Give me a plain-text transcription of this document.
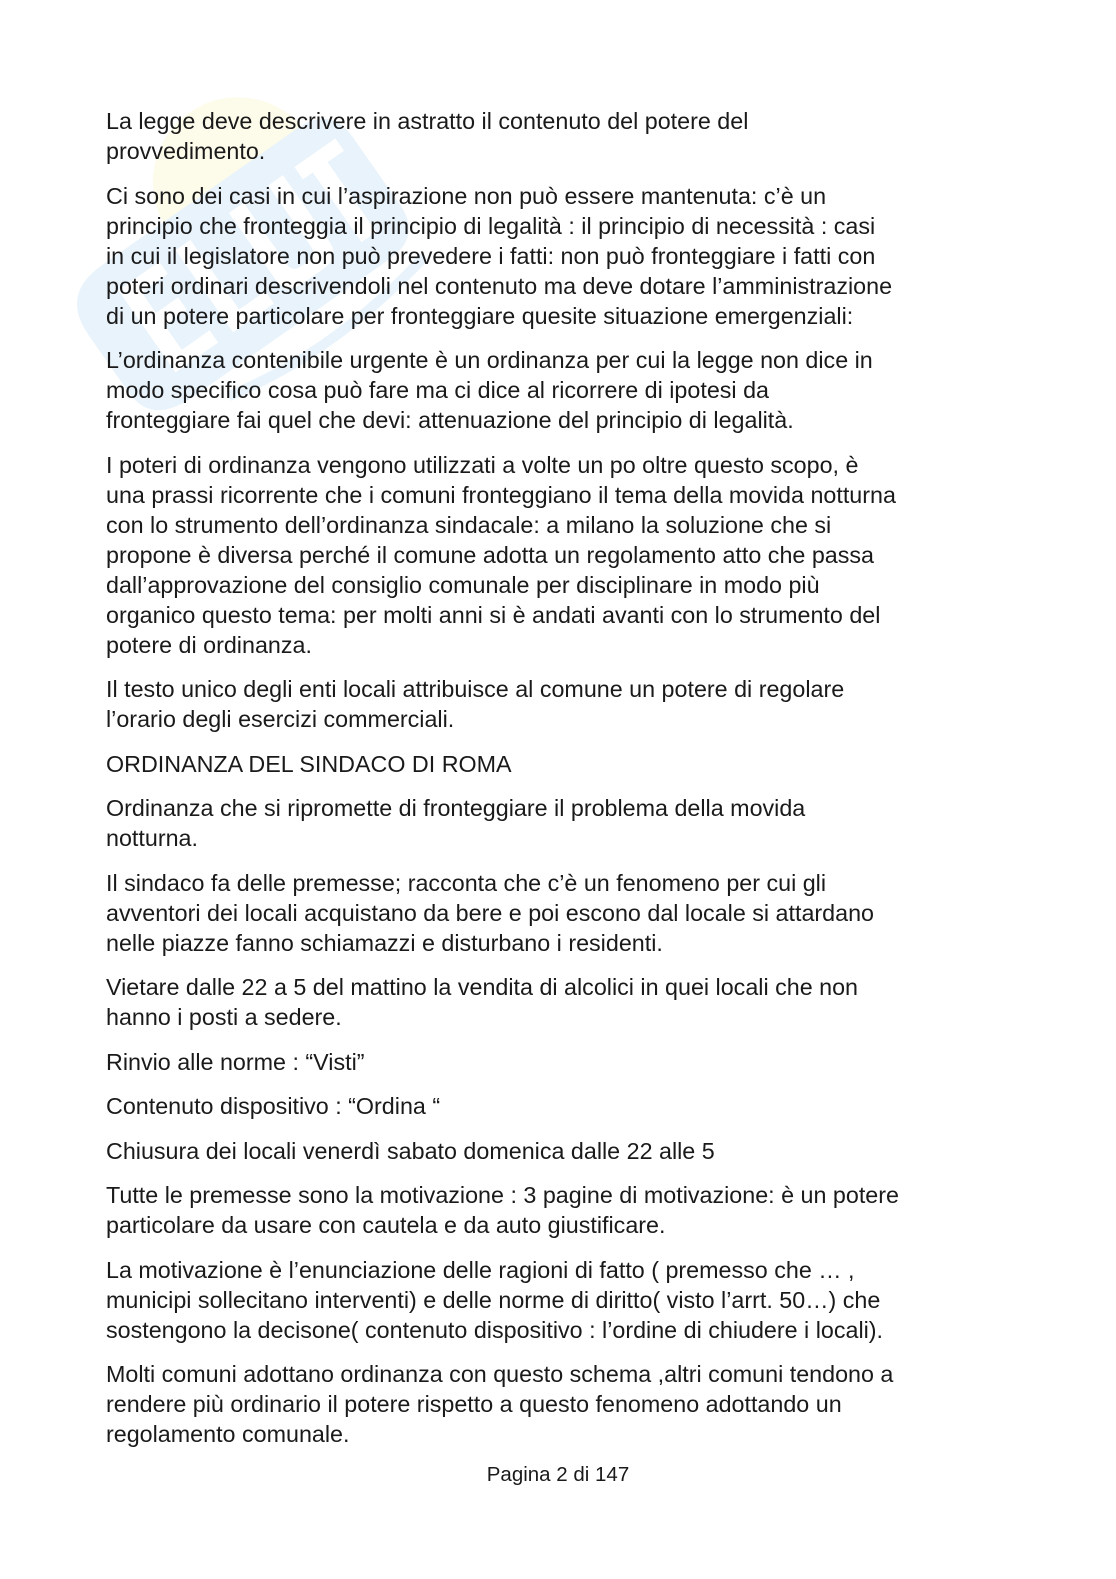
La legge deve descrivere in astratto il contenuto del potere del
provvedimento.

Ci sono dei casi in cui l’aspirazione non può essere mantenuta: c’è un
principio che fronteggia il principio di legalità : il principio di necessità : casi
in cui il legislatore non può prevedere i fatti: non può fronteggiare i fatti con
poteri ordinari descrivendoli nel contenuto ma deve dotare l’amministrazione
di un potere particolare per fronteggiare quesite situazione emergenziali:

L’ordinanza contenibile urgente è un ordinanza per cui la legge non dice in
modo specifico cosa può fare ma ci dice al ricorrere di ipotesi da
fronteggiare fai quel che devi: attenuazione del principio di legalità.

I poteri di ordinanza vengono utilizzati a volte un po oltre questo scopo, è
una prassi ricorrente che i comuni fronteggiano il tema della movida notturna
con lo strumento dell’ordinanza sindacale: a milano la soluzione che si
propone è diversa perché il comune adotta un regolamento atto che passa
dall’approvazione del consiglio comunale per disciplinare in modo più
organico questo tema: per molti anni si è andati avanti con lo strumento del
potere di ordinanza.

Il testo unico degli enti locali attribuisce al comune un potere di regolare
l’orario degli esercizi commerciali.

ORDINANZA DEL SINDACO DI ROMA

Ordinanza che si ripromette di fronteggiare il problema della movida
notturna.

Il sindaco fa delle premesse; racconta che c’è un fenomeno per cui gli
avventori dei locali acquistano da bere e poi escono dal locale si attardano
nelle piazze fanno schiamazzi e disturbano i residenti.

Vietare dalle 22 a 5 del mattino la vendita di alcolici in quei locali che non
hanno i posti a sedere.

Rinvio alle norme : “Visti”

Contenuto dispositivo : “Ordina “

Chiusura dei locali venerdì sabato domenica dalle 22 alle 5

Tutte le premesse sono la motivazione : 3 pagine di motivazione: è un potere
particolare da usare con cautela e da auto giustificare.

La motivazione è l’enunciazione delle ragioni di fatto ( premesso che … ,
municipi sollecitano interventi) e delle norme di diritto( visto l’arrt. 50…) che
sostengono la decisone( contenuto dispositivo : l’ordine di chiudere i locali).

Molti comuni adottano ordinanza con questo schema ,altri comuni tendono a
rendere più ordinario il potere rispetto a questo fenomeno adottando un
regolamento comunale.

Pagina 2 di 147
